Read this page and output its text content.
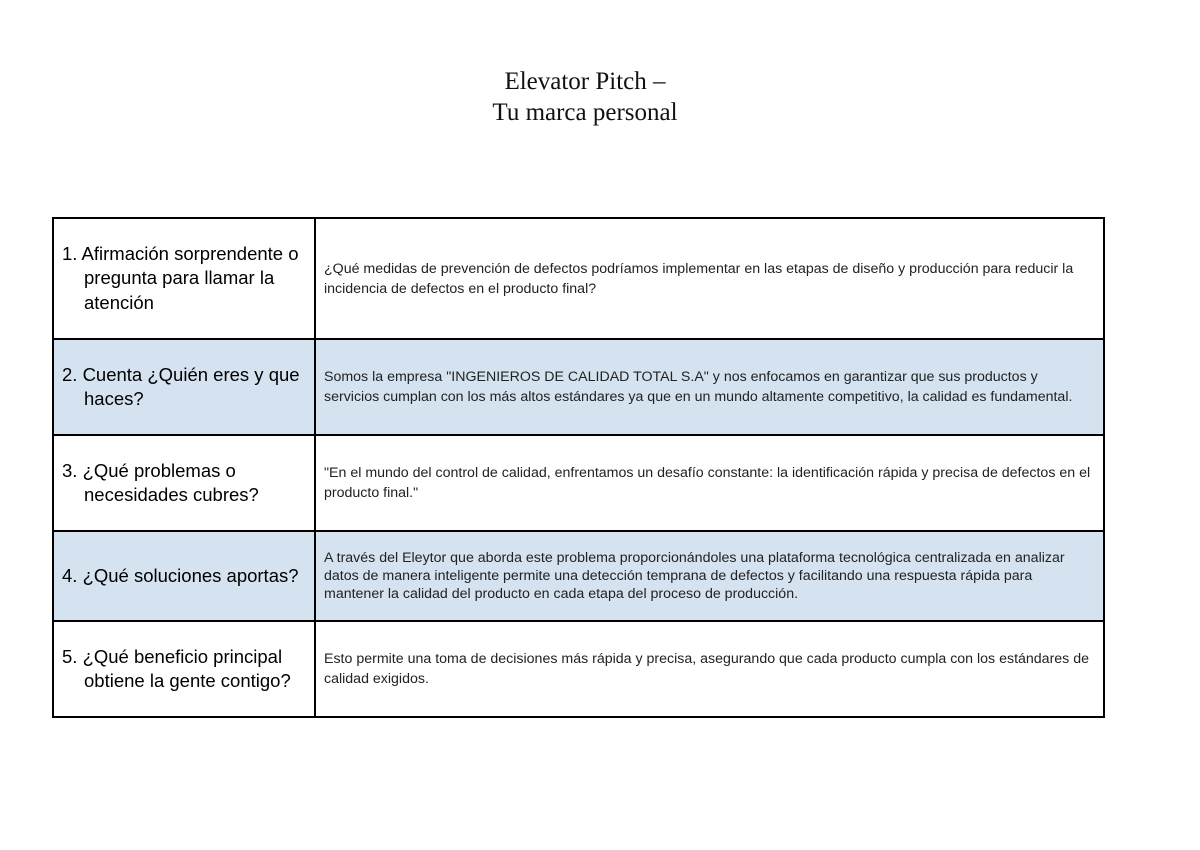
Elevator Pitch –
Tu marca personal
1. Afirmación sorprendente o pregunta para llamar la atención	¿Qué medidas de prevención de defectos podríamos implementar en las etapas de diseño y producción para reducir la incidencia de defectos en el producto final?

2. Cuenta ¿Quién eres y que haces?	Somos la empresa "INGENIEROS DE CALIDAD TOTAL S.A" y nos enfocamos en garantizar que sus productos y servicios cumplan con los más altos estándares ya que en un mundo altamente competitivo, la calidad es fundamental.

3. ¿Qué problemas o necesidades cubres?	"En el mundo del control de calidad, enfrentamos un desafío constante: la identificación rápida y precisa de defectos en el producto final."

4. ¿Qué soluciones aportas?	A través del Eleytor que aborda este problema proporcionándoles una plataforma tecnológica centralizada en analizar datos de manera inteligente permite una detección temprana de defectos y facilitando una respuesta rápida para mantener la calidad del producto en cada etapa del proceso de producción.

5. ¿Qué beneficio principal obtiene la gente contigo?	Esto permite una toma de decisiones más rápida y precisa, asegurando que cada producto cumpla con los estándares de calidad exigidos.
